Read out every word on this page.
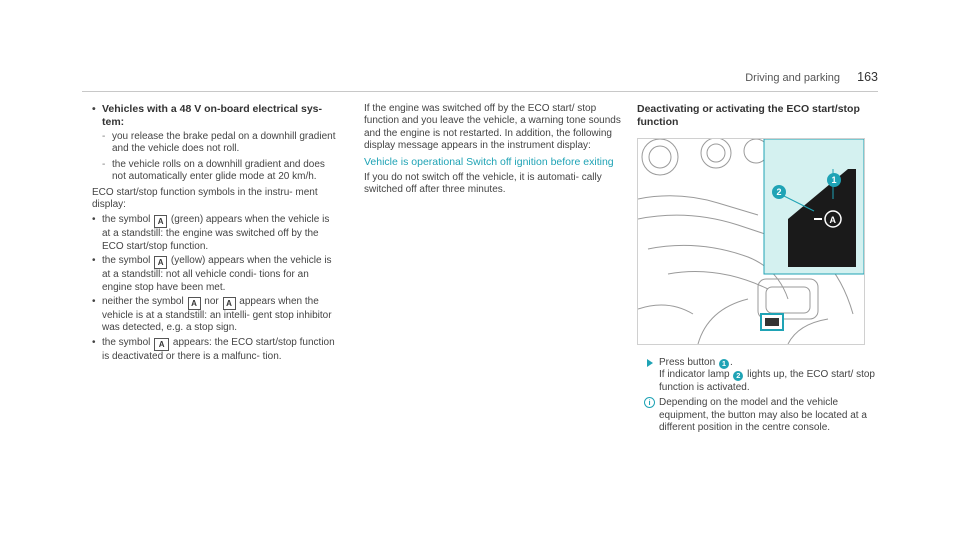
Driving and parking 163
• Vehicles with a 48 V on-board electrical sys- tem:
- you release the brake pedal on a downhill gradient and the vehicle does not roll.
- the vehicle rolls on a downhill gradient and does not automatically enter glide mode at 20 km/h.

ECO start/stop function symbols in the instru- ment display:

• the symbol A (green) appears when the vehicle is at a standstill: the engine was switched off by the ECO start/stop function.
• the symbol A (yellow) appears when the vehicle is at a standstill: not all vehicle condi- tions for an engine stop have been met.
• neither the symbol A nor A appears when the vehicle is at a standstill: an intelli- gent stop inhibitor was detected, e.g. a stop sign.
• the symbol A appears: the ECO start/stop function is deactivated or there is a malfunc- tion.

If the engine was switched off by the ECO start/ stop function and you leave the vehicle, a warning tone sounds and the engine is not restarted. In addition, the following display message appears in the instrument display:

Vehicle is operational Switch off ignition before exiting

If you do not switch off the vehicle, it is automati- cally switched off after three minutes.

Deactivating or activating the ECO start/stop function
A
1
2
Press button 1 .
If indicator lamp 2 lights up, the ECO start/ stop function is activated.
i Depending on the model and the vehicle equipment, the button may also be located at a different position in the centre console.
